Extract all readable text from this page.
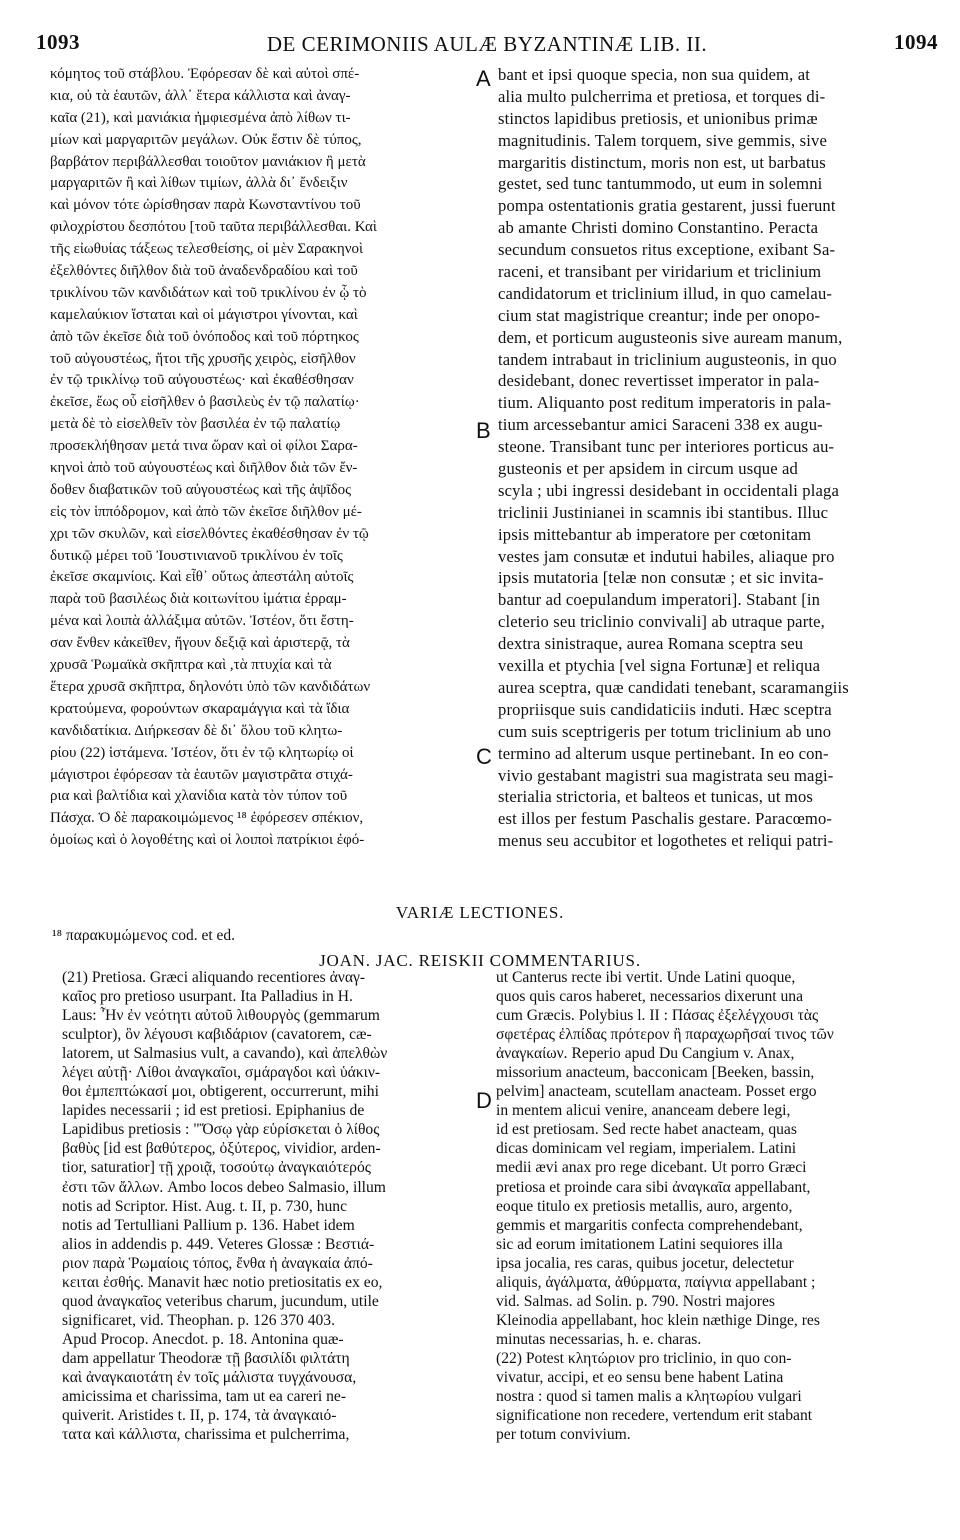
1093	DE CERIMONIIS AULÆ BYZANTINÆ LIB. II.	1094
κόμητος τοῦ στάβλου. Ἐφόρεσαν δὲ καὶ αὐτοὶ σπέ-
κια, οὐ τὰ ἑαυτῶν, ἀλλ᾽ ἕτερα κάλλιστα καὶ ἀναγ-
καῖα (21), καὶ μανιάκια ἠμφιεσμένα ἀπὸ λίθων τι-
μίων καὶ μαργαριτῶν μεγάλων. Οὐκ ἔστιν δὲ τύπος,
βαρβάτον περιβάλλεσθαι τοιοῦτον μανιάκιον ἢ μετὰ
μαργαριτῶν ἢ καὶ λίθων τιμίων, ἀλλὰ δι᾽ ἔνδειξιν
καὶ μόνον τότε ὡρίσθησαν παρὰ Κωνσταντίνου τοῦ
φιλοχρίστου δεσπότου [τοῦ ταῦτα περιβάλλεσθαι. Καὶ
τῆς εἰωθυίας τάξεως τελεσθείσης, οἱ μὲν Σαρακηνοὶ
ἐξελθόντες διῆλθον διὰ τοῦ ἀναδενδραδίου καὶ τοῦ
τρικλίνου τῶν κανδιδάτων καὶ τοῦ τρικλίνου ἐν ᾧ τὸ
καμελαύκιον ἵσταται καὶ οἱ μάγιστροι γίνονται, καὶ
ἀπὸ τῶν ἐκεῖσε διὰ τοῦ ὀνόποδος καὶ τοῦ πόρτηκος
τοῦ αὐγουστέως, ἤτοι τῆς χρυσῆς χειρὸς, εἰσῆλθον
ἐν τῷ τρικλίνῳ τοῦ αὐγουστέως· καὶ ἐκαθέσθησαν
ἐκεῖσε, ἕως οὗ εἰσῆλθεν ὁ βασιλεὺς ἐν τῷ παλατίῳ·
μετὰ δὲ τὸ εἰσελθεῖν τὸν βασιλέα ἐν τῷ παλατίῳ
προσεκλήθησαν μετά τινα ὥραν καὶ οἱ φίλοι Σαρα-
κηνοὶ ἀπὸ τοῦ αὐγουστέως καὶ διῆλθον διὰ τῶν ἔν-
δοθεν διαβατικῶν τοῦ αὐγουστέως καὶ τῆς ἀψῖδος
εἰς τὸν ἱππόδρομον, καὶ ἀπὸ τῶν ἐκεῖσε διῆλθον μέ-
χρι τῶν σκυλῶν, καὶ εἰσελθόντες ἐκαθέσθησαν ἐν τῷ
δυτικῷ μέρει τοῦ Ἰουστινιανοῦ τρικλίνου ἐν τοῖς
ἐκεῖσε σκαμνίοις. Καὶ εἶθ᾽ οὕτως ἀπεστάλη αὐτοῖς
παρὰ τοῦ βασιλέως διὰ κοιτωνίτου ἱμάτια ἐρραμ-
μένα καὶ λοιπὰ ἀλλάξιμα αὐτῶν. Ἰστέον, ὅτι ἔστη-
σαν ἔνθεν κἀκεῖθεν, ἤγουν δεξιᾷ καὶ ἀριστερᾷ, τὰ
χρυσᾶ Ῥωμαϊκὰ σκῆπτρα καὶ ,τὰ πτυχία καὶ τὰ
ἕτερα χρυσᾶ σκῆπτρα, δηλονότι ὑπὸ τῶν κανδιδάτων
κρατούμενα, φορούντων σκαραμάγγια καὶ τὰ ἴδια
κανδιδατίκια. Διήρκεσαν δὲ δι᾽ ὅλου τοῦ κλητω-
ρίου (22) ἱστάμενα. Ἰστέον, ὅτι ἐν τῷ κλητωρίῳ οἱ
μάγιστροι ἐφόρεσαν τὰ ἑαυτῶν μαγιστρᾶτα στιχά-
ρια καὶ βαλτίδια καὶ χλανίδια κατὰ τὸν τύπον τοῦ
Πάσχα. Ὁ δὲ παρακοιμώμενος ¹⁸ ἐφόρεσεν σπέκιον,
ὁμοίως καὶ ὁ λογοθέτης καὶ οἱ λοιποὶ πατρίκιοι ἐφό-
bant et ipsi quoque specia, non sua quidem, at
alia multo pulcherrima et pretiosa, et torques di-
stinctos lapidibus pretiosis, et unionibus primæ
magnitudinis. Talem torquem, sive gemmis, sive
margaritis distinctum, moris non est, ut barbatus
gestet, sed tunc tantummodo, ut eum in solemni
pompa ostentationis gratia gestarent, jussi fuerunt
ab amante Christi domino Constantino. Peracta
secundum consuetos ritus exceptione, exibant Sa-
raceni, et transibant per viridarium et triclinium
candidatorum et triclinium illud, in quo camelau-
cium stat magistrique creantur; inde per onopo-
dem, et porticum augusteonis sive auream manum,
tandem intrabaut in triclinium augusteonis, in quo
desidebant, donec revertisset imperator in pala-
tium. Aliquanto post reditum imperatoris in pala-
tium arcessebantur amici Saraceni 338 ex augu-
steone. Transibant tunc per interiores porticus au-
gusteonis et per apsidem in circum usque ad
scyla ; ubi ingressi desidebant in occidentali plaga
triclinii Justinianei in scamnis ibi stantibus. Illuc
ipsis mittebantur ab imperatore per cœtonitam
vestes jam consutæ et indutui habiles, aliaque pro
ipsis mutatoria [telæ non consutæ ; et sic invita-
bantur ad coepulandum imperatori]. Stabant [in
cleterio seu triclinio convivali] ab utraque parte,
dextra sinistraque, aurea Romana sceptra seu
vexilla et ptychia [vel signa Fortunæ] et reliqua
aurea sceptra, quæ candidati tenebant, scaramangiis
propriisque suis candidaticiis induti. Hæc sceptra
cum suis sceptrigeris per totum triclinium ab uno
termino ad alterum usque pertinebant. In eo con-
vivio gestabant magistri sua magistrata seu magi-
sterialia strictoria, et balteos et tunicas, ut mos
est illos per festum Paschalis gestare. Paracœmo-
menus seu accubitor et logothetes et reliqui patri-
A
B
C
D
VARIÆ LECTIONES.
¹⁸ παρακυμώμενος cod. et ed.
JOAN. JAC. REISKII COMMENTARIUS.
(21) Pretiosa. Græci aliquando recentiores ἀναγ-
καῖος pro pretioso usurpant. Ita Palladius in H.
Laus: Ἦν ἐν νεότητι αὐτοῦ λιθουργὸς (gemmarum
sculptor), ὃν λέγουσι καβιδάριον (cavatorem, cæ-
latorem, ut Salmasius vult, a cavando), καὶ ἀπελθὼν
λέγει αὐτῇ· Λίθοι ἀναγκαῖοι, σμάραγδοι καὶ ὑάκιν-
θοι ἐμπεπτώκασί μοι, obtigerent, occurrerunt, mihi
lapides necessarii ; id est pretiosi. Epiphanius de
Lapidibus pretiosis : "Ὅσῳ γὰρ εὑρίσκεται ὁ λίθος
βαθὺς [id est βαθύτερος, ὀξύτερος, vividior, arden-
tior, saturatior] τῇ χροιᾷ, τοσούτῳ ἀναγκαιότερός
ἐστι τῶν ἄλλων. Ambo locos debeo Salmasio, illum
notis ad Scriptor. Hist. Aug. t. II, p. 730, hunc
notis ad Tertulliani Pallium p. 136. Habet idem
alios in addendis p. 449. Veteres Glossæ : Βεστιά-
ριον παρὰ Ῥωμαίοις τόπος, ἔνθα ἡ ἀναγκαία ἀπό-
κειται ἐσθής. Manavit hæc notio pretiositatis ex eo,
quod ἀναγκαῖος veteribus charum, jucundum, utile
significaret, vid. Theophan. p. 126 370 403.
Apud Procop. Anecdot. p. 18. Antonina quæ-
dam appellatur Theodoræ τῇ βασιλίδι φιλτάτη
καὶ ἀναγκαιοτάτη ἐν τοῖς μάλιστα τυγχάνουσα,
amicissima et charissima, tam ut ea careri ne-
quiverit. Aristides t. II, p. 174, τὰ ἀναγκαιό-
τατα καὶ κάλλιστα, charissima et pulcherrima,
ut Canterus recte ibi vertit. Unde Latini quoque,
quos quis caros haberet, necessarios dixerunt una
cum Græcis. Polybius l. II : Πάσας ἐξελέγχουσι τὰς
σφετέρας ἐλπίδας πρότερον ἢ παραχωρῆσαί τινος τῶν
ἀναγκαίων. Reperio apud Du Cangium v. Anax,
missorium anacteum, bacconicam [Beeken, bassin,
pelvim] anacteam, scutellam anacteam. Posset ergo
in mentem alicui venire, ananceam debere legi,
id est pretiosam. Sed recte habet anacteam, quas
dicas dominicam vel regiam, imperialem. Latini
medii ævi anax pro rege dicebant. Ut porro Græci
pretiosa et proinde cara sibi ἀναγκαῖα appellabant,
eoque titulo ex pretiosis metallis, auro, argento,
gemmis et margaritis confecta comprehendebant,
sic ad eorum imitationem Latini sequiores illa
ipsa jocalia, res caras, quibus jocetur, delectetur
aliquis, ἀγάλματα, ἀθύρματα, παίγνια appellabant ;
vid. Salmas. ad Solin. p. 790. Nostri majores
Kleinodia appellabant, hoc klein næthige Dinge, res
minutas necessarias, h. e. charas.
(22) Potest κλητώριον pro triclinio, in quo con-
vivatur, accipi, et eo sensu bene habent Latina
nostra : quod si tamen malis a κλητωρίου vulgari
significatione non recedere, vertendum erit stabant
per totum convivium.
